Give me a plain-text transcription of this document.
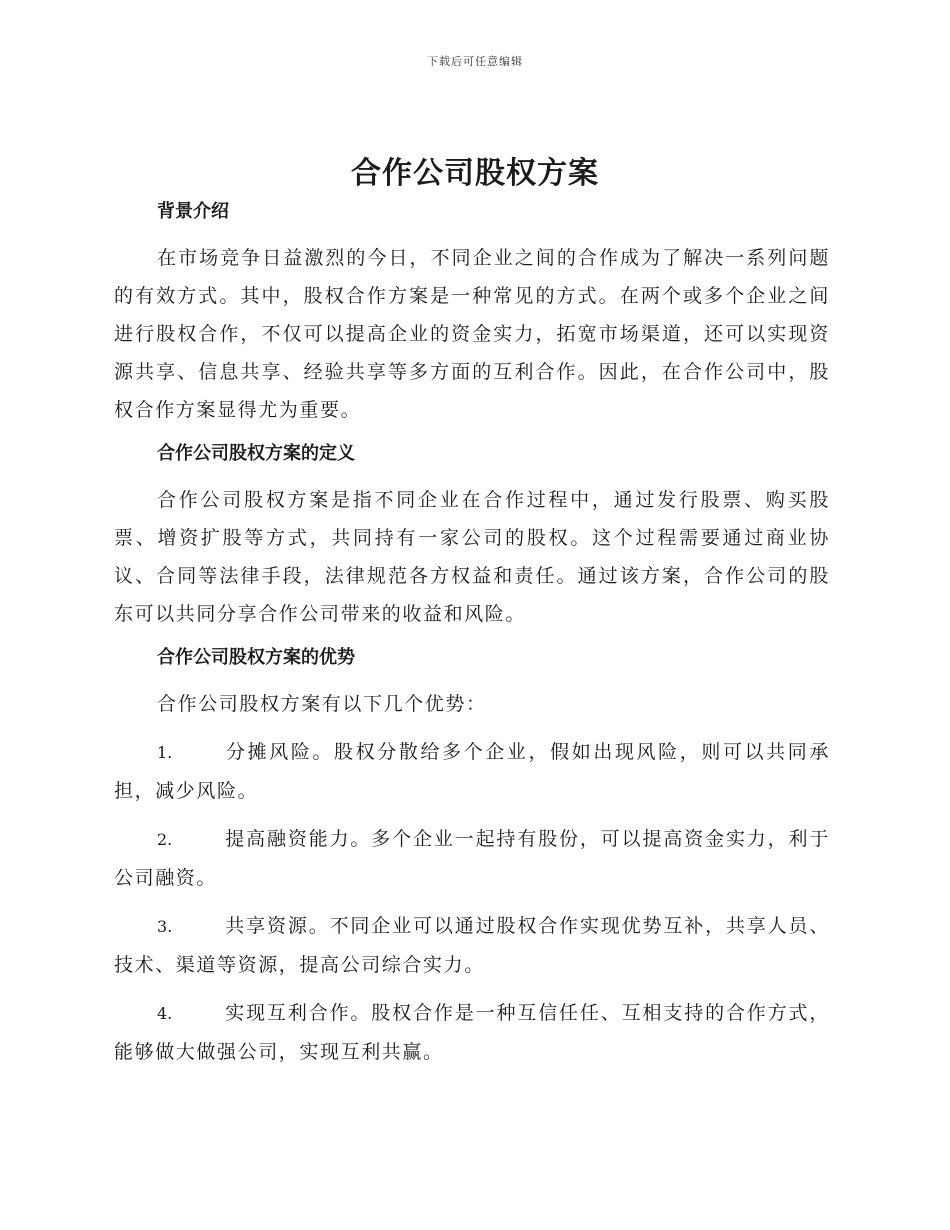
下载后可任意编辑
合作公司股权方案
背景介绍

在市场竞争日益激烈的今日，不同企业之间的合作成为了解决一系列问题的有效方式。其中，股权合作方案是一种常见的方式。在两个或多个企业之间进行股权合作，不仅可以提高企业的资金实力，拓宽市场渠道，还可以实现资源共享、信息共享、经验共享等多方面的互利合作。因此，在合作公司中，股权合作方案显得尤为重要。

合作公司股权方案的定义

合作公司股权方案是指不同企业在合作过程中，通过发行股票、购买股票、增资扩股等方式，共同持有一家公司的股权。这个过程需要通过商业协议、合同等法律手段，法律规范各方权益和责任。通过该方案，合作公司的股东可以共同分享合作公司带来的收益和风险。

合作公司股权方案的优势

合作公司股权方案有以下几个优势：

1.	分摊风险。股权分散给多个企业，假如出现风险，则可以共同承担，减少风险。
2.	提高融资能力。多个企业一起持有股份，可以提高资金实力，利于公司融资。
3.	共享资源。不同企业可以通过股权合作实现优势互补，共享人员、技术、渠道等资源，提高公司综合实力。
4.	实现互利合作。股权合作是一种互信任任、互相支持的合作方式，能够做大做强公司，实现互利共赢。
